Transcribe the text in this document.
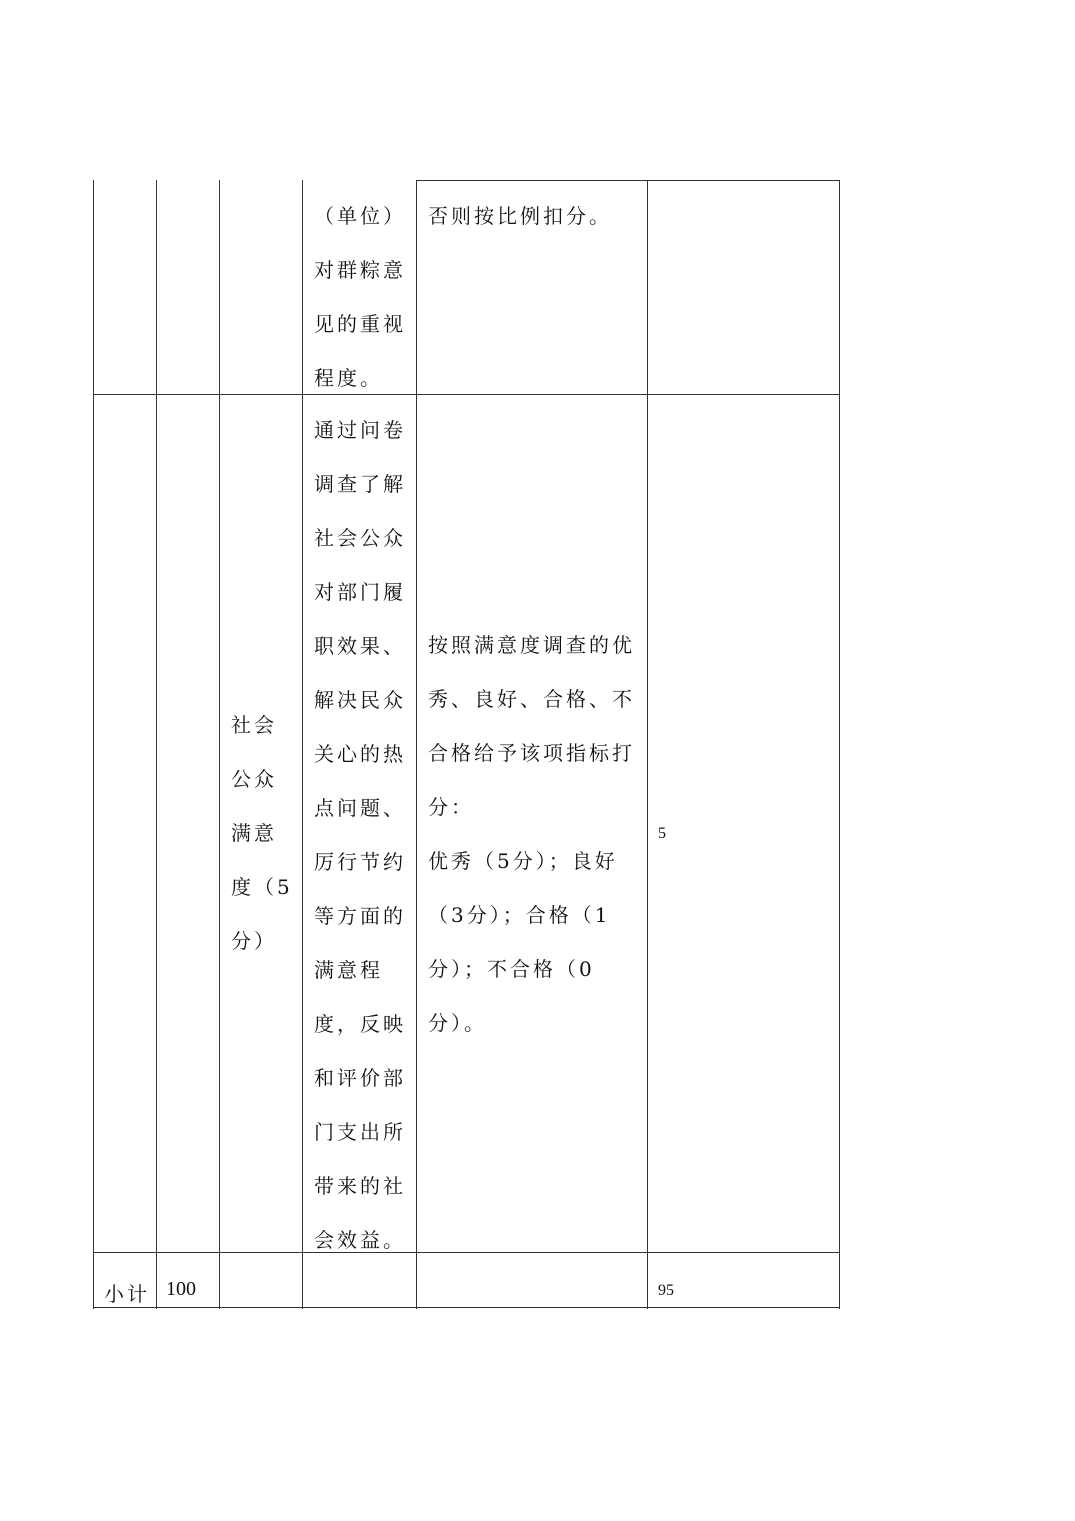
（单位）
对群粽意
见的重视
程度。
否则按比例扣分。
社会
公众
满意
度（5
分）
通过问卷
调查了解
社会公众
对部门履
职效果、
解决民众
关心的热
点问题、
厉行节约
等方面的
满意程
度，反映
和评价部
门支出所
带来的社
会效益。
按照满意度调查的优
秀、良好、合格、不
合格给予该项指标打
分：
优秀（5分）；良好
（3分）；合格（1
分）；不合格（0
分）。
5
小计 100	95
